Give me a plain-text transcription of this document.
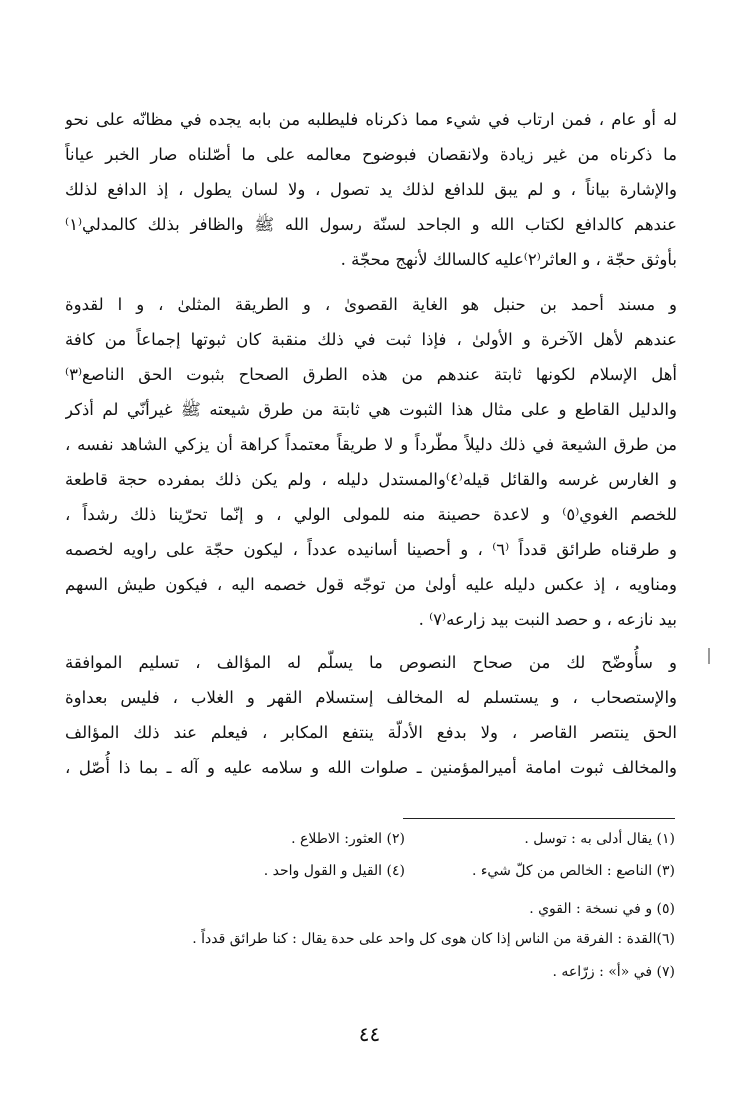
له أو عام ، فمن ارتاب في شيء مما ذكرناه فليطلبه من بابه يجده في مظانّه على نحو
ما ذكرناه من غير زيادة ولانقصان فبوضوح معالمه على ما أصّلناه صار الخبر عياناً
والإشارة بياناً ، و لم يبق للدافع لذلك يد تصول ، ولا لسان يطول ، إذ الدافع لذلك
عندهم كالدافع لكتاب الله و الجاحد لسنّة رسول الله ﷺ والظافر بذلك كالمدلي⁽١⁾
بأوثق حجّة ، و العاثر⁽٢⁾عليه كالسالك لأنهج محجّة .
و مسند أحمد بن حنبل هو الغاية القصوىٰ ، و الطريقة المثلىٰ ، و ا لقدوة
عندهم لأهل الآخرة و الأولىٰ ، فإذا ثبت في ذلك منقبة كان ثبوتها إجماعاً من كافة
أهل الإسلام لكونها ثابتة عندهم من هذه الطرق الصحاح بثبوت الحق الناصع⁽٣⁾
والدليل القاطع و على مثال هذا الثبوت هي ثابتة من طرق شيعته ﷺ غيرأنّي لم أذكر
من طرق الشيعة في ذلك دليلاً مطّرداً و لا طريقاً معتمداً كراهة أن يزكي الشاهد نفسه ،
و الغارس غرسه والقائل قيله⁽٤⁾والمستدل دليله ، ولم يكن ذلك بمفرده حجة قاطعة
للخصم الغوي⁽٥⁾ و لاعدة حصينة منه للمولى الولي ، و إنّما تحرّينا ذلك رشداً ،
و طرقناه طرائق قدداً ⁽٦⁾ ، و أحصينا أسانيده عدداً ، ليكون حجّة على راويه لخصمه
ومناويه ، إذ عكس دليله عليه أولىٰ من توجّه قول خصمه اليه ، فيكون طيش السهم
بيد نازعه ، و حصد النبت بيد زارعه⁽٧⁾ .
و سأُوضّح لك من صحاح النصوص ما يسلّم له المؤالف ، تسليم الموافقة
والإستصحاب ، و يستسلم له المخالف إستسلام القهر و الغلاب ، فليس بعداوة
الحق ينتصر القاصر ، ولا بدفع الأدلّة ينتفع المكابر ، فيعلم عند ذلك المؤالف
والمخالف ثبوت امامة أميرالمؤمنين ـ صلوات الله و سلامه عليه و آله ـ بما ذا أُصّل ،
(١) يقال أدلى به : توسل .
(٢) العثور: الاطلاع .
(٣) الناصع : الخالص من كلّ شيء .
(٤) القيل و القول واحد .
(٥) و في نسخة : القوي .
(٦)القدة : الفرقة من الناس إذا كان هوى كل واحد على حدة يقال : كنا طرائق قدداً .
(٧) في «أ» : زرّاعه .
٤٤
